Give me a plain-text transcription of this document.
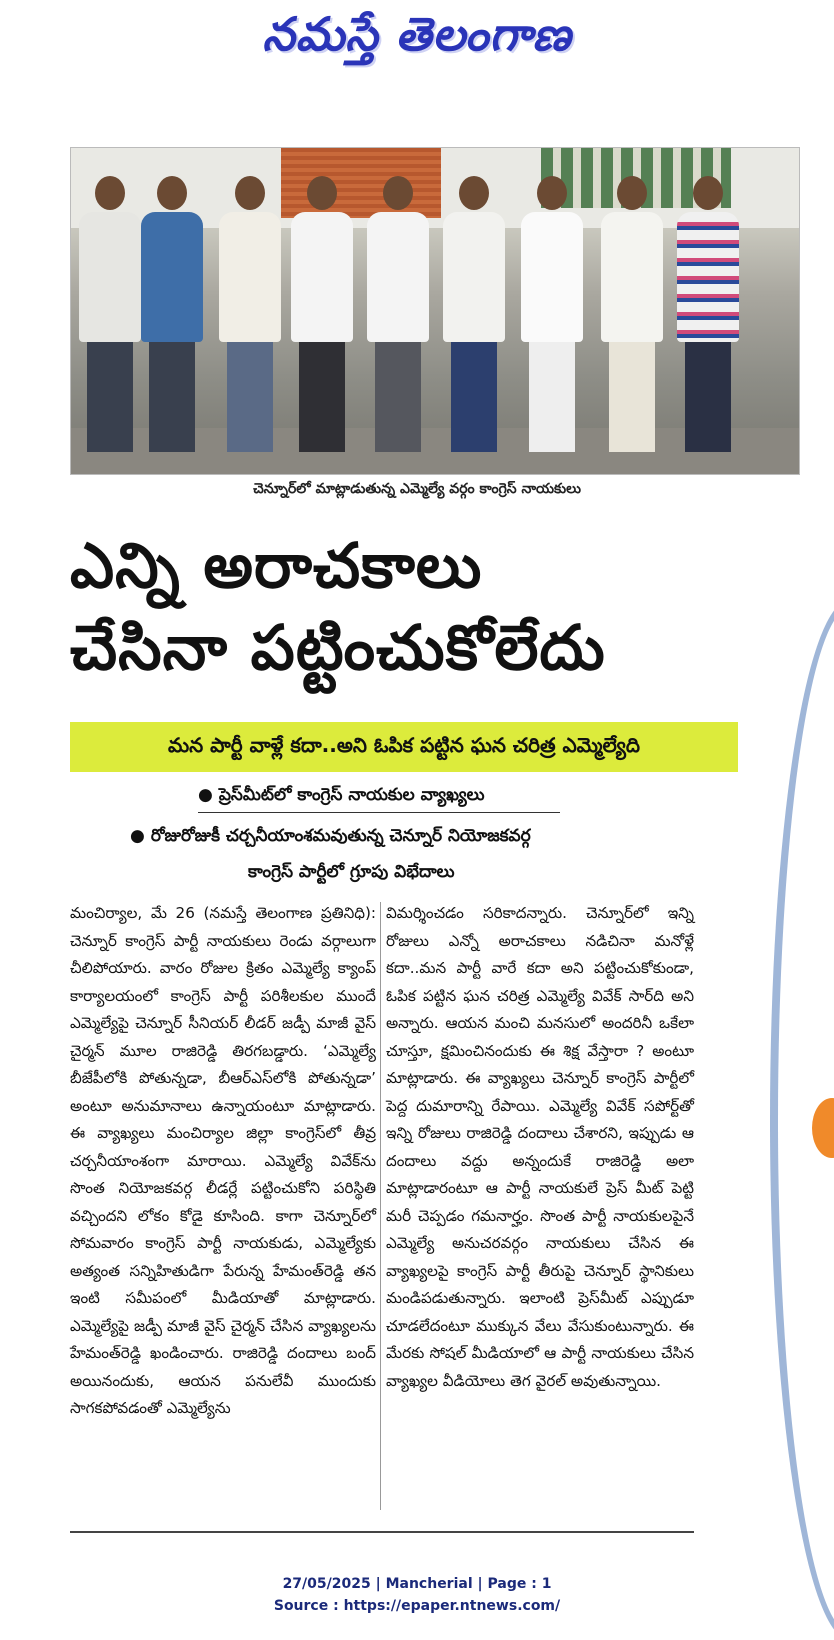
నమస్తే తెలంగాణ
చెన్నూర్‌లో మాట్లాడుతున్న ఎమ్మెల్యే వర్గం కాంగ్రెస్‌ నాయకులు
ఎన్ని అరాచకాలు
చేసినా పట్టించుకోలేదు
మన పార్టీ వాళ్లే కదా..అని ఓపిక పట్టిన ఘన చరిత్ర ఎమ్మెల్యేది
● ప్రెస్‌మీట్‌లో కాంగ్రెస్‌ నాయకుల వ్యాఖ్యలు
● రోజురోజుకీ చర్చనీయాంశమవుతున్న చెన్నూర్‌ నియోజకవర్గ
కాంగ్రెస్‌ పార్టీలో గ్రూపు విభేదాలు
మంచిర్యాల, మే 26 (నమస్తే తెలంగాణ ప్రతినిధి): చెన్నూర్‌ కాంగ్రెస్‌ పార్టీ నాయకులు రెండు వర్గాలుగా చీలిపోయారు. వారం రోజుల క్రితం ఎమ్మెల్యే క్యాంప్‌ కార్యాలయంలో కాంగ్రెస్‌ పార్టీ పరిశీలకుల ముందే ఎమ్మెల్యేపై చెన్నూర్‌ సీనియర్‌ లీడర్‌ జడ్పీ మాజీ వైస్‌ చైర్మన్‌ మూల రాజిరెడ్డి తిరగబడ్డారు. ‘ఎమ్మెల్యే బీజేపీలోకి పోతున్నడా, బీఆర్‌ఎస్‌లోకి పోతున్నడా’ అంటూ అనుమానాలు ఉన్నాయంటూ మాట్లాడారు. ఈ వ్యాఖ్యలు మంచిర్యాల జిల్లా కాంగ్రెస్‌లో తీవ్ర చర్చనీయాంశంగా మారాయి. ఎమ్మెల్యే వివేక్‌ను సొంత నియోజకవర్గ లీడర్లే పట్టించుకోని పరిస్థితి వచ్చిందని లోకం కోడై కూసింది. కాగా చెన్నూర్‌లో సోమవారం కాంగ్రెస్‌ పార్టీ నాయకుడు, ఎమ్మెల్యేకు అత్యంత సన్నిహితుడిగా పేరున్న హేమంత్‌రెడ్డి తన ఇంటి సమీపంలో మీడియాతో మాట్లాడారు. ఎమ్మెల్యేపై జడ్పీ మాజీ వైస్‌ చైర్మన్‌ చేసిన వ్యాఖ్యలను హేమంత్‌రెడ్డి ఖండించారు. రాజిరెడ్డి దందాలు బంద్‌ అయినందుకు, ఆయన పనులేవీ ముందుకు సాగకపోవడంతో ఎమ్మెల్యేను
విమర్శించడం సరికాదన్నారు. చెన్నూర్‌లో ఇన్ని రోజులు ఎన్నో అరాచకాలు నడిచినా మనోళ్లే కదా..మన పార్టీ వారే కదా అని పట్టించుకోకుండా, ఓపిక పట్టిన ఘన చరిత్ర ఎమ్మెల్యే వివేక్‌ సార్‌ది అని అన్నారు. ఆయన మంచి మనసులో అందరినీ ఒకేలా చూస్తూ, క్షమించినందుకు ఈ శిక్ష వేస్తారా ? అంటూ మాట్లాడారు. ఈ వ్యాఖ్యలు చెన్నూర్‌ కాంగ్రెస్‌ పార్టీలో పెద్ద దుమారాన్ని రేపాయి. ఎమ్మెల్యే వివేక్‌ సపోర్ట్‌తో ఇన్ని రోజులు రాజిరెడ్డి దందాలు చేశారని, ఇప్పుడు ఆ దందాలు వద్దు అన్నందుకే రాజిరెడ్డి అలా మాట్లాడారంటూ ఆ పార్టీ నాయకులే ప్రెస్‌ మీట్‌ పెట్టి మరీ చెప్పడం గమనార్హం. సొంత పార్టీ నాయకులపైనే ఎమ్మెల్యే అనుచరవర్గం నాయకులు చేసిన ఈ వ్యాఖ్యలపై కాంగ్రెస్‌ పార్టీ తీరుపై చెన్నూర్‌ స్థానికులు మండిపడుతున్నారు. ఇలాంటి ప్రెస్‌మీట్‌ ఎప్పుడూ చూడలేదంటూ ముక్కున వేలు వేసుకుంటున్నారు. ఈ మేరకు సోషల్‌ మీడియాలో ఆ పార్టీ నాయకులు చేసిన వ్యాఖ్యల వీడియోలు తెగ వైరల్‌ అవుతున్నాయి.
27/05/2025 | Mancherial | Page : 1
Source : https://epaper.ntnews.com/
